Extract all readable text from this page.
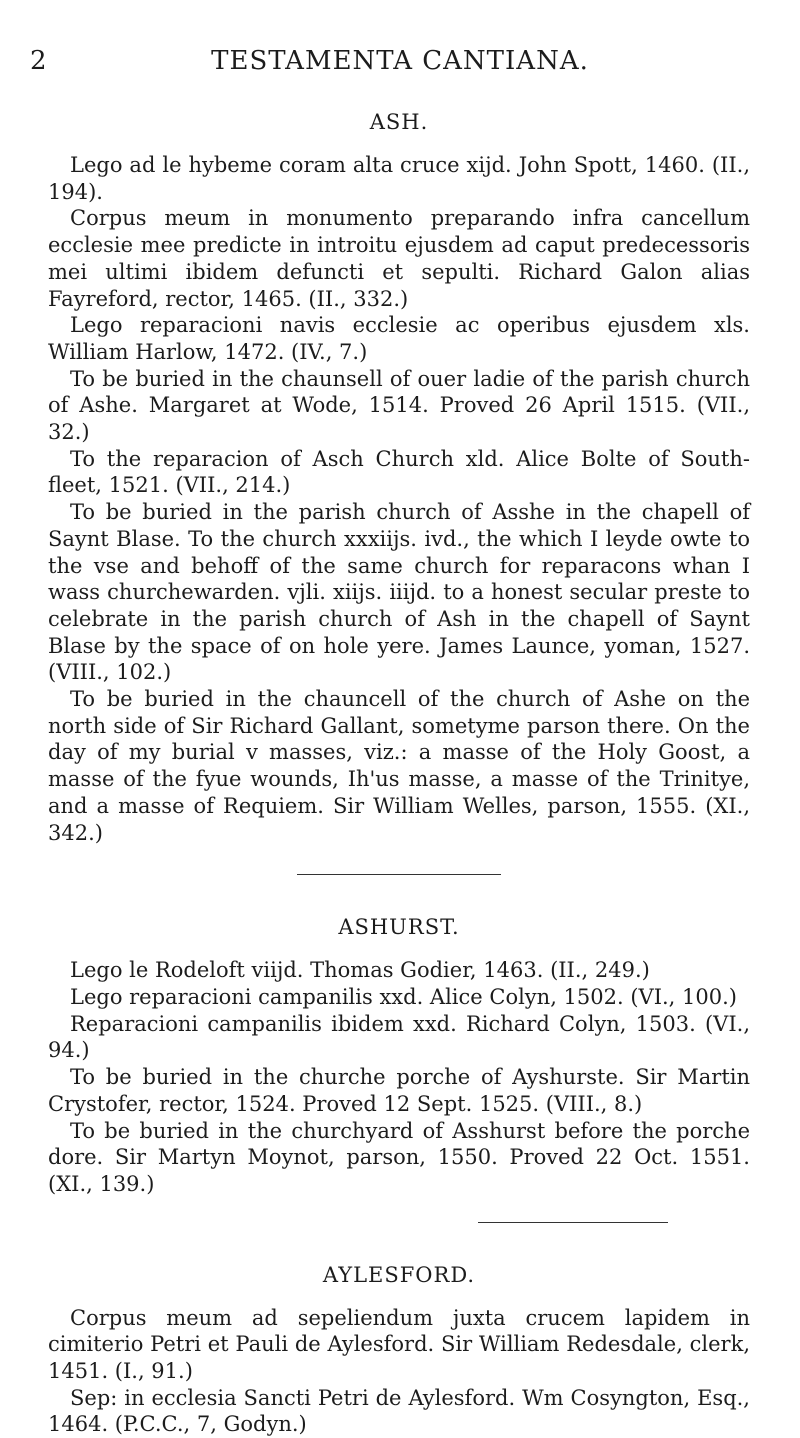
2	TESTAMENTA CANTIANA.
ASH.

Lego ad le hybeme coram alta cruce xijd. John Spott, 1460. (II., 194).

Corpus meum in monumento preparando infra cancellum ecclesie mee predicte in introitu ejusdem ad caput predecessoris mei ultimi ibidem defuncti et sepulti. Richard Galon alias Fayreford, rector, 1465. (II., 332.)

Lego reparacioni navis ecclesie ac operibus ejusdem xls. William Harlow, 1472. (IV., 7.)

To be buried in the chaunsell of ouer ladie of the parish church of Ashe. Margaret at Wode, 1514. Proved 26 April 1515. (VII., 32.)

To the reparacion of Asch Church xld. Alice Bolte of South-fleet, 1521. (VII., 214.)

To be buried in the parish church of Asshe in the chapell of Saynt Blase. To the church xxxiijs. ivd., the which I leyde owte to the vse and behoff of the same church for reparacons whan I wass churchewarden. vjli. xiijs. iiijd. to a honest secular preste to celebrate in the parish church of Ash in the chapell of Saynt Blase by the space of on hole yere. James Launce, yoman, 1527. (VIII., 102.)

To be buried in the chauncell of the church of Ashe on the north side of Sir Richard Gallant, sometyme parson there. On the day of my burial v masses, viz.: a masse of the Holy Goost, a masse of the fyue wounds, Ih'us masse, a masse of the Trinitye, and a masse of Requiem. Sir William Welles, parson, 1555. (XI., 342.)

ASHURST.

Lego le Rodeloft viijd. Thomas Godier, 1463. (II., 249.)

Lego reparacioni campanilis xxd. Alice Colyn, 1502. (VI., 100.)

Reparacioni campanilis ibidem xxd. Richard Colyn, 1503. (VI., 94.)

To be buried in the churche porche of Ayshurste. Sir Martin Crystofer, rector, 1524. Proved 12 Sept. 1525. (VIII., 8.)

To be buried in the churchyard of Asshurst before the porche dore. Sir Martyn Moynot, parson, 1550. Proved 22 Oct. 1551. (XI., 139.)

AYLESFORD.

Corpus meum ad sepeliendum juxta crucem lapidem in cimiterio Petri et Pauli de Aylesford. Sir William Redesdale, clerk, 1451. (I., 91.)

Sep: in ecclesia Sancti Petri de Aylesford. Wm Cosyngton, Esq., 1464. (P.C.C., 7, Godyn.)
